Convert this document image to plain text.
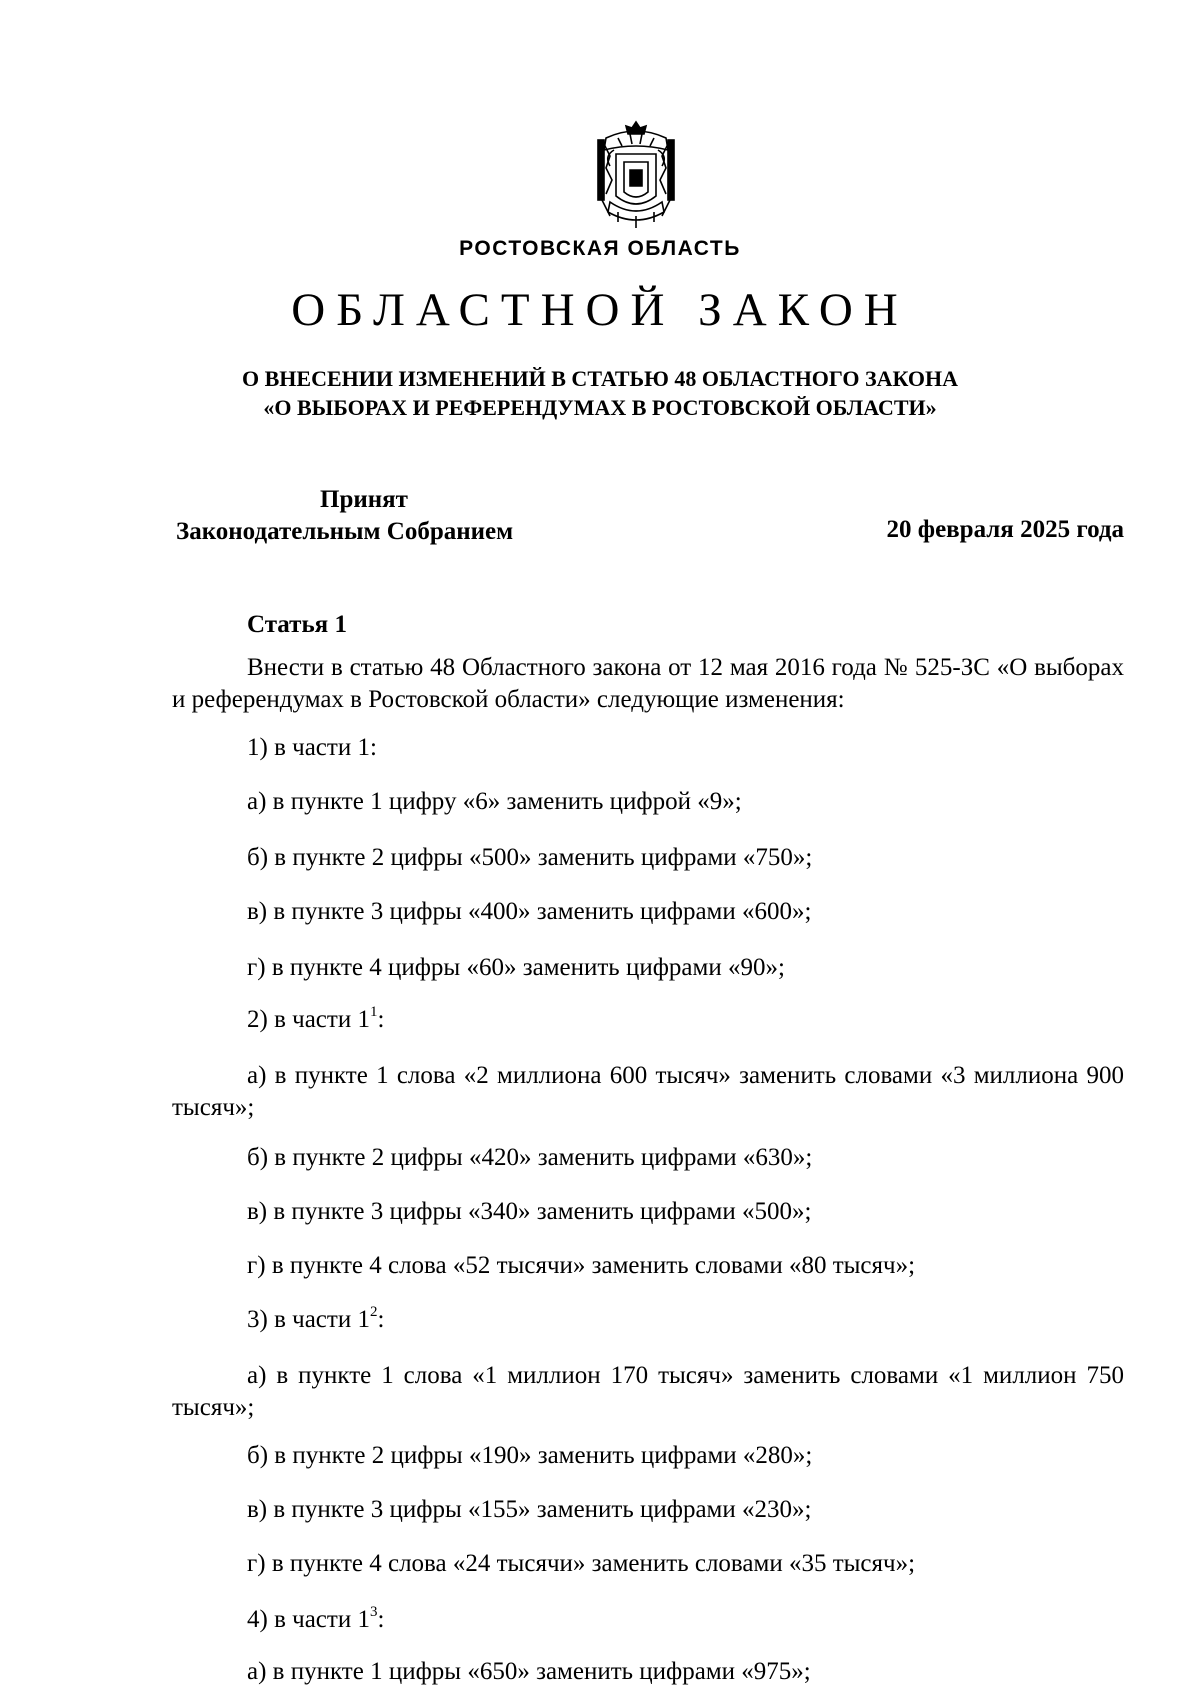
РОСТОВСКАЯ ОБЛАСТЬ
ОБЛАСТНОЙ ЗАКОН
О ВНЕСЕНИИ ИЗМЕНЕНИЙ В СТАТЬЮ 48 ОБЛАСТНОГО ЗАКОНА
«О ВЫБОРАХ И РЕФЕРЕНДУМАХ В РОСТОВСКОЙ ОБЛАСТИ»
Принят
Законодательным Собранием	20 февраля 2025 года
Статья 1
Внести в статью 48 Областного закона от 12 мая 2016 года № 525-ЗС «О выборах и референдумах в Ростовской области» следующие изменения:
1) в части 1:
а) в пункте 1 цифру «6» заменить цифрой «9»;
б) в пункте 2 цифры «500» заменить цифрами «750»;
в) в пункте 3 цифры «400» заменить цифрами «600»;
г) в пункте 4 цифры «60» заменить цифрами «90»;
2) в части $1^1$:
а) в пункте 1 слова «2 миллиона 600 тысяч» заменить словами «3 миллиона 900 тысяч»;
б) в пункте 2 цифры «420» заменить цифрами «630»;
в) в пункте 3 цифры «340» заменить цифрами «500»;
г) в пункте 4 слова «52 тысячи» заменить словами «80 тысяч»;
3) в части $1^2$:
а) в пункте 1 слова «1 миллион 170 тысяч» заменить словами «1 миллион 750 тысяч»;
б) в пункте 2 цифры «190» заменить цифрами «280»;
в) в пункте 3 цифры «155» заменить цифрами «230»;
г) в пункте 4 слова «24 тысячи» заменить словами «35 тысяч»;
4) в части $1^3$:
а) в пункте 1 цифры «650» заменить цифрами «975»;
